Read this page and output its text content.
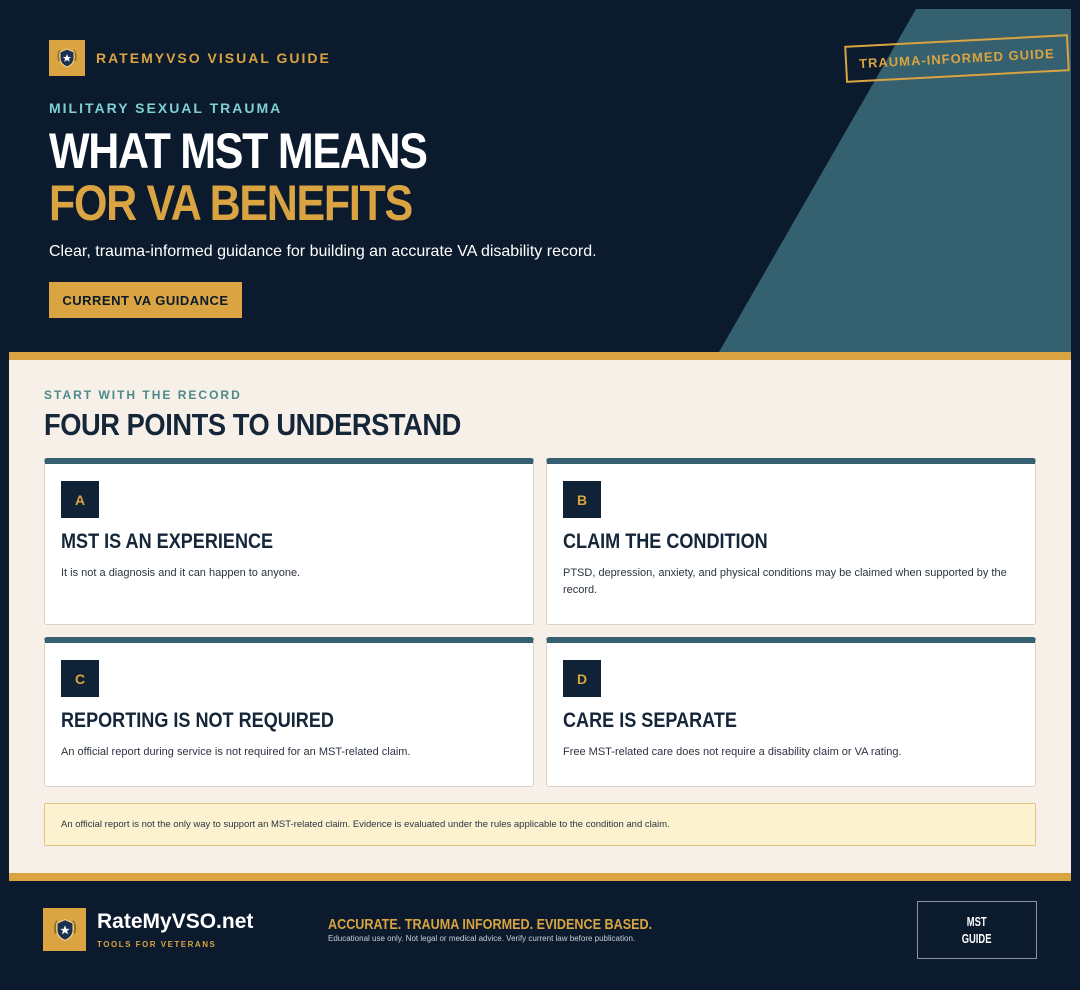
RATEMYVSO VISUAL GUIDE	TRAUMA-INFORMED GUIDE
MILITARY SEXUAL TRAUMA
WHAT MST MEANS
FOR VA BENEFITS

Clear, trauma-informed guidance for building an accurate VA disability record.

CURRENT VA GUIDANCE
START WITH THE RECORD
FOUR POINTS TO UNDERSTAND
A
MST IS AN EXPERIENCE

It is not a diagnosis and it can happen to anyone.

B
CLAIM THE CONDITION

PTSD, depression, anxiety, and physical conditions may be claimed when supported by the record.

C
REPORTING IS NOT REQUIRED

An official report during service is not required for an MST-related claim.

D
CARE IS SEPARATE

Free MST-related care does not require a disability claim or VA rating.

An official report is not the only way to support an MST-related claim. Evidence is evaluated under the rules applicable to the condition and claim.
RateMyVSO.net
TOOLS FOR VETERANS
ACCURATE. TRAUMA INFORMED. EVIDENCE BASED.
Educational use only. Not legal or medical advice. Verify current law before publication.
MST
GUIDE
